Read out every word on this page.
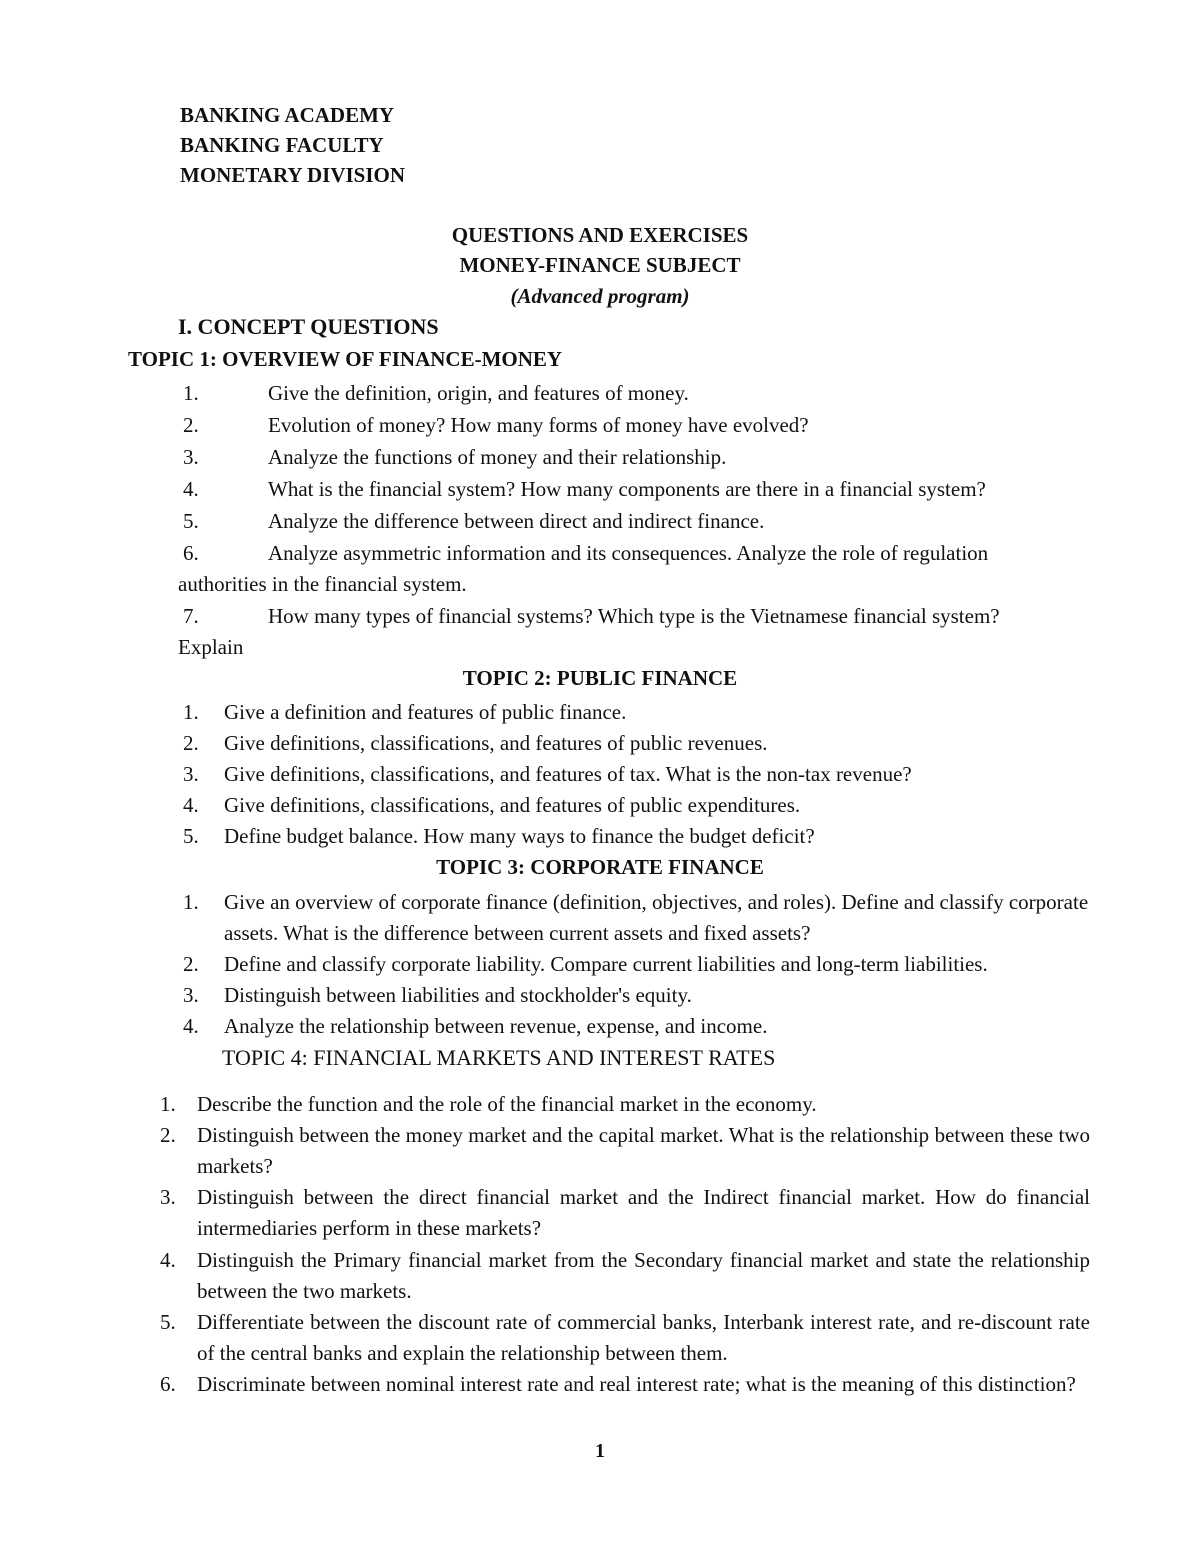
BANKING ACADEMY
BANKING FACULTY
MONETARY DIVISION
QUESTIONS AND EXERCISES
MONEY-FINANCE SUBJECT
(Advanced program)
I. CONCEPT QUESTIONS
TOPIC 1: OVERVIEW OF FINANCE-MONEY
1.	Give the definition, origin, and features of money.
2.	Evolution of money? How many forms of money have evolved?
3.	Analyze the functions of money and their relationship.
4.	What is the financial system? How many components are there in a financial system?
5.	Analyze the difference between direct and indirect finance.
6.	Analyze asymmetric information and its consequences. Analyze the role of regulation
authorities in the financial system.
7.	How many types of financial systems? Which type is the Vietnamese financial system?
Explain
TOPIC 2: PUBLIC FINANCE
1. Give a definition and features of public finance.
2. Give definitions, classifications, and features of public revenues.
3. Give definitions, classifications, and features of tax. What is the non-tax revenue?
4. Give definitions, classifications, and features of public expenditures.
5. Define budget balance. How many ways to finance the budget deficit?
TOPIC 3: CORPORATE FINANCE
1. Give an overview of corporate finance (definition, objectives, and roles). Define and classify corporate assets. What is the difference between current assets and fixed assets?
2. Define and classify corporate liability. Compare current liabilities and long-term liabilities.
3. Distinguish between liabilities and stockholder's equity.
4. Analyze the relationship between revenue, expense, and income.
TOPIC 4: FINANCIAL MARKETS AND INTEREST RATES
1. Describe the function and the role of the financial market in the economy.
2. Distinguish between the money market and the capital market. What is the relationship between these two markets?
3. Distinguish between the direct financial market and the Indirect financial market. How do financial intermediaries perform in these markets?
4. Distinguish the Primary financial market from the Secondary financial market and state the relationship between the two markets.
5. Differentiate between the discount rate of commercial banks, Interbank interest rate, and re-discount rate of the central banks and explain the relationship between them.
6. Discriminate between nominal interest rate and real interest rate; what is the meaning of this distinction?
1
